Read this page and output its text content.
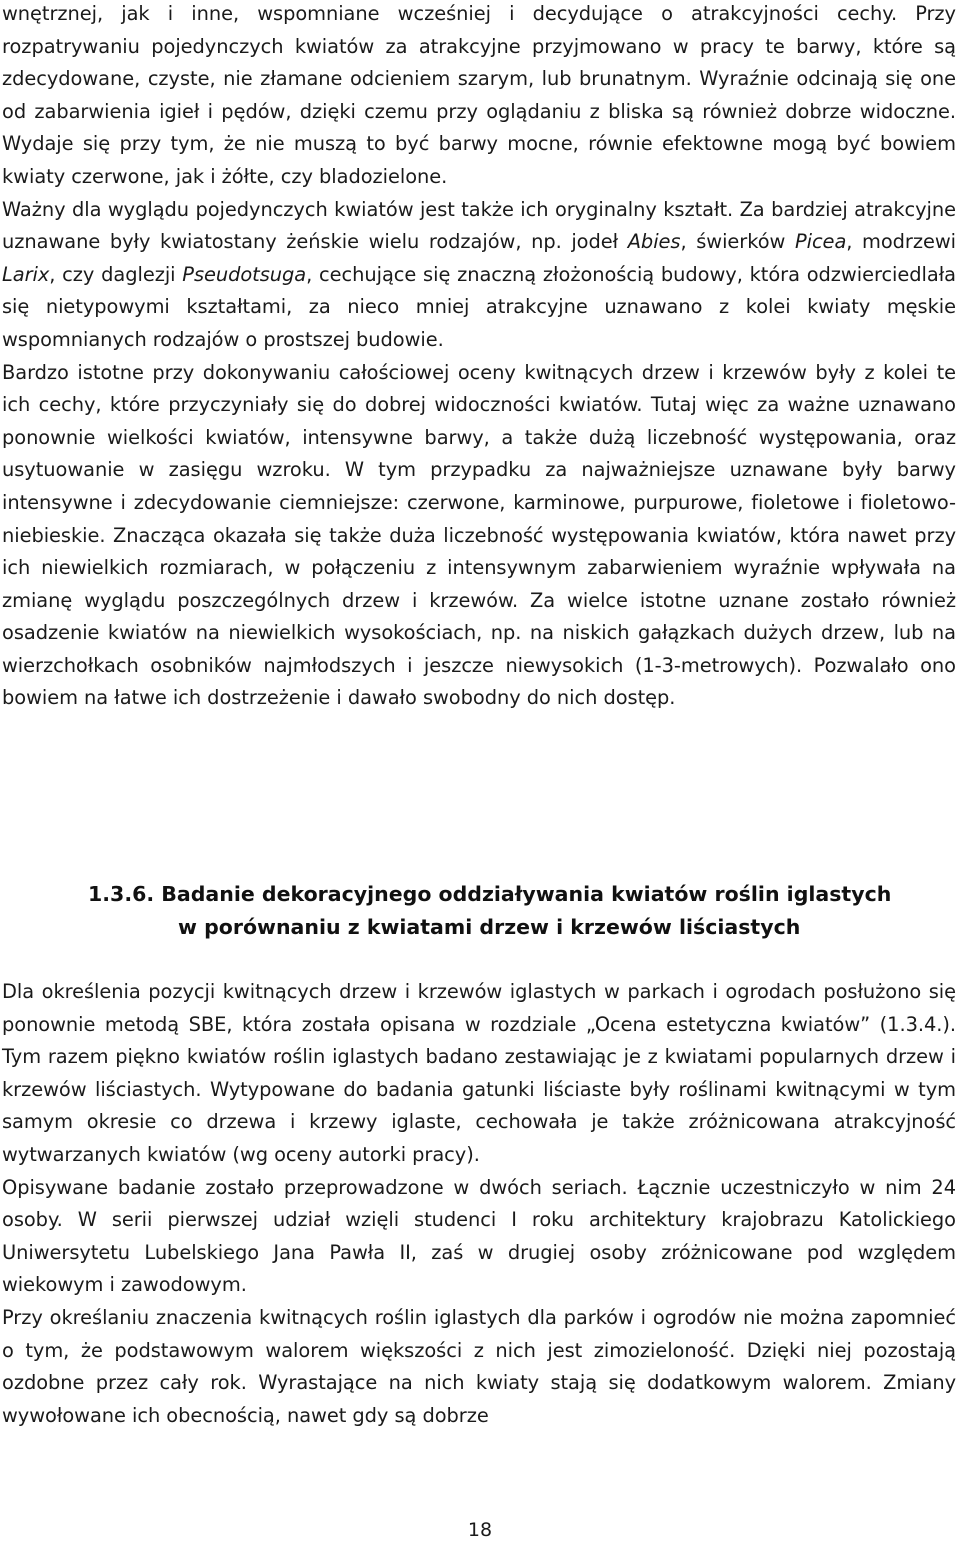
wnętrznej, jak i inne, wspomniane wcześniej i decydujące o atrakcyjności cechy. Przy rozpatrywaniu pojedynczych kwiatów za atrakcyjne przyjmowano w pracy te barwy, które są zdecydowane, czyste, nie złamane odcieniem szarym, lub brunatnym. Wyraźnie odcinają się one od zabarwienia igieł i pędów, dzięki czemu przy oglądaniu z bliska są również dobrze widoczne. Wydaje się przy tym, że nie muszą to być barwy mocne, równie efektowne mogą być bowiem kwiaty czerwone, jak i żółte, czy bladozielone.

Ważny dla wyglądu pojedynczych kwiatów jest także ich oryginalny kształt. Za bardziej atrakcyjne uznawane były kwiatostany żeńskie wielu rodzajów, np. jodeł Abies, świerków Picea, modrzewi Larix, czy daglezji Pseudotsuga, cechujące się znaczną złożonością budowy, która odzwierciedlała się nietypowymi kształtami, za nieco mniej atrakcyjne uznawano z kolei kwiaty męskie wspomnianych rodzajów o prostszej budowie.

Bardzo istotne przy dokonywaniu całościowej oceny kwitnących drzew i krzewów były z kolei te ich cechy, które przyczyniały się do dobrej widoczności kwiatów. Tutaj więc za ważne uznawano ponownie wielkości kwiatów, intensywne barwy, a także dużą liczebność występowania, oraz usytuowanie w zasięgu wzroku. W tym przypadku za najważniejsze uznawane były barwy intensywne i zdecydowanie ciemniejsze: czerwone, karminowe, purpurowe, fioletowe i fioletowo-niebieskie. Znacząca okazała się także duża liczebność występowania kwiatów, która nawet przy ich niewielkich rozmiarach, w połączeniu z intensywnym zabarwieniem wyraźnie wpływała na zmianę wyglądu poszczególnych drzew i krzewów. Za wielce istotne uznane zostało również osadzenie kwiatów na niewielkich wysokościach, np. na niskich gałązkach dużych drzew, lub na wierzchołkach osobników najmłodszych i jeszcze niewysokich (1-3-metrowych). Pozwalało ono bowiem na łatwe ich dostrzeżenie i dawało swobodny do nich dostęp.

1.3.6. Badanie dekoracyjnego oddziaływania kwiatów roślin iglastych
w porównaniu z kwiatami drzew i krzewów liściastych

Dla określenia pozycji kwitnących drzew i krzewów iglastych w parkach i ogrodach posłużono się ponownie metodą SBE, która została opisana w rozdziale „Ocena estetyczna kwiatów” (1.3.4.). Tym razem piękno kwiatów roślin iglastych badano zestawiając je z kwiatami popularnych drzew i krzewów liściastych. Wytypowane do badania gatunki liściaste były roślinami kwitnącymi w tym samym okresie co drzewa i krzewy iglaste, cechowała je także zróżnicowana atrakcyjność wytwarzanych kwiatów (wg oceny autorki pracy).

Opisywane badanie zostało przeprowadzone w dwóch seriach. Łącznie uczestniczyło w nim 24 osoby. W serii pierwszej udział wzięli studenci I roku architektury krajobrazu Katolickiego Uniwersytetu Lubelskiego Jana Pawła II, zaś w drugiej osoby zróżnicowane pod względem wiekowym i zawodowym.

Przy określaniu znaczenia kwitnących roślin iglastych dla parków i ogrodów nie można zapomnieć o tym, że podstawowym walorem większości z nich jest zimozieloność. Dzięki niej pozostają ozdobne przez cały rok. Wyrastające na nich kwiaty stają się dodatkowym walorem. Zmiany wywołowane ich obecnością, nawet gdy są dobrze

18
